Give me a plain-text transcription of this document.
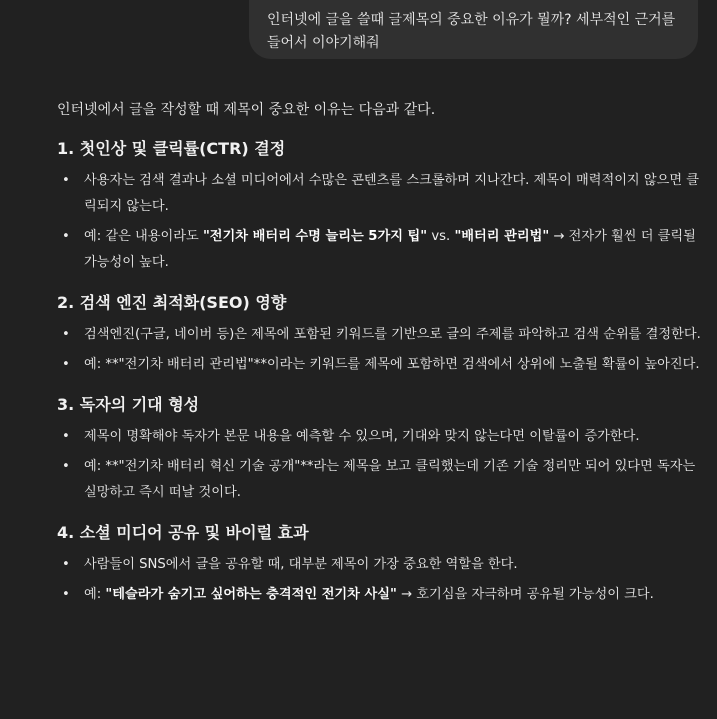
인터넷에 글을 쓸때 글제목의 중요한 이유가 뭘까? 세부적인 근거를 들어서 이야기해줘

인터넷에서 글을 작성할 때 제목이 중요한 이유는 다음과 같다.

1. 첫인상 및 클릭률(CTR) 결정
• 사용자는 검색 결과나 소셜 미디어에서 수많은 콘텐츠를 스크롤하며 지나간다. 제목이 매력적이지 않으면 클릭되지 않는다.
• 예: 같은 내용이라도 "전기차 배터리 수명 늘리는 5가지 팁" vs. "배터리 관리법" → 전자가 훨씬 더 클릭될 가능성이 높다.
2. 검색 엔진 최적화(SEO) 영향
• 검색엔진(구글, 네이버 등)은 제목에 포함된 키워드를 기반으로 글의 주제를 파악하고 검색 순위를 결정한다.
• 예: **"전기차 배터리 관리법"**이라는 키워드를 제목에 포함하면 검색에서 상위에 노출될 확률이 높아진다.
3. 독자의 기대 형성
• 제목이 명확해야 독자가 본문 내용을 예측할 수 있으며, 기대와 맞지 않는다면 이탈률이 증가한다.
• 예: **"전기차 배터리 혁신 기술 공개"**라는 제목을 보고 클릭했는데 기존 기술 정리만 되어 있다면 독자는 실망하고 즉시 떠날 것이다.
4. 소셜 미디어 공유 및 바이럴 효과
• 사람들이 SNS에서 글을 공유할 때, 대부분 제목이 가장 중요한 역할을 한다.
• 예: "테슬라가 숨기고 싶어하는 충격적인 전기차 사실" → 호기심을 자극하며 공유될 가능성이 크다.
